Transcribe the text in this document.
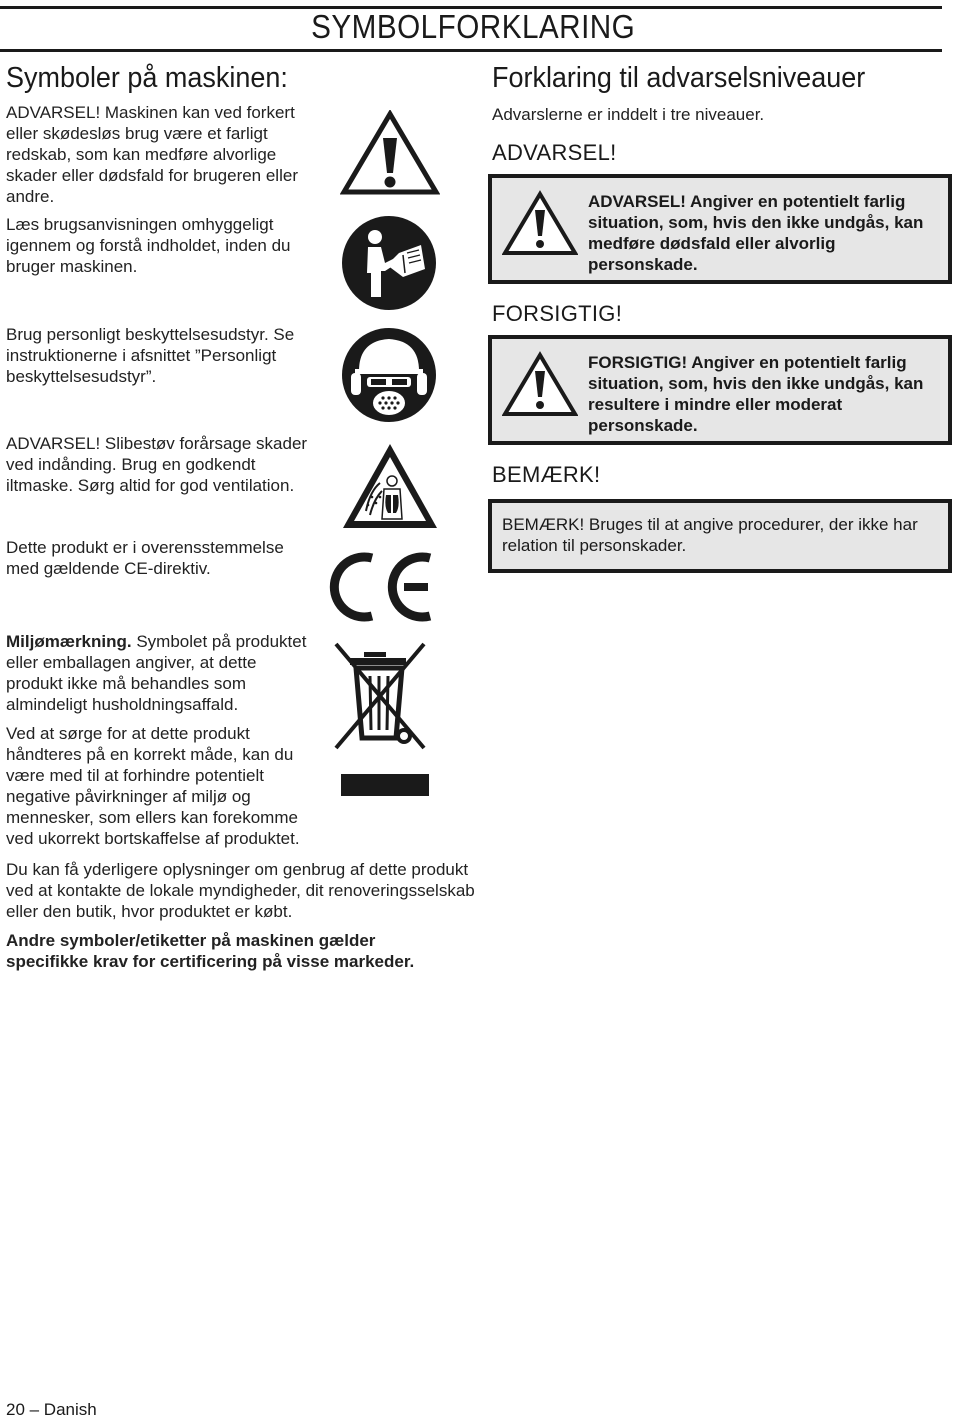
SYMBOLFORKLARING
Symboler på maskinen:

ADVARSEL! Maskinen kan ved forkert eller skødesløs brug være et farligt redskab, som kan medføre alvorlige skader eller dødsfald for brugeren eller andre.

Læs brugsanvisningen omhyggeligt igennem og forstå indholdet, inden du bruger maskinen.

Brug personligt beskyttelsesudstyr. Se instruktionerne i afsnittet ”Personligt beskyttelsesudstyr”.

ADVARSEL! Slibestøv forårsage skader ved indånding. Brug en godkendt iltmaske. Sørg altid for god ventilation.

Dette produkt er i overensstemmelse med gældende CE-direktiv.

Miljømærkning. Symbolet på produktet eller emballagen angiver, at dette produkt ikke må behandles som almindeligt husholdningsaffald.

Ved at sørge for at dette produkt håndteres på en korrekt måde, kan du være med til at forhindre potentielt negative påvirkninger af miljø og mennesker, som ellers kan forekomme ved ukorrekt bortskaffelse af produktet.

Du kan få yderligere oplysninger om genbrug af dette produkt ved at kontakte de lokale myndigheder, dit renoveringsselskab eller den butik, hvor produktet er købt.

Andre symboler/etiketter på maskinen gælder specifikke krav for certificering på visse markeder.

Forklaring til advarselsniveauer
Advarslerne er inddelt i tre niveauer.
ADVARSEL!
ADVARSEL! Angiver en potentielt farlig situation, som, hvis den ikke undgås, kan medføre dødsfald eller alvorlig personskade.
FORSIGTIG!
FORSIGTIG! Angiver en potentielt farlig situation, som, hvis den ikke undgås, kan resultere i mindre eller moderat personskade.
BEMÆRK!
BEMÆRK! Bruges til at angive procedurer, der ikke har relation til personskader.
20 – Danish
